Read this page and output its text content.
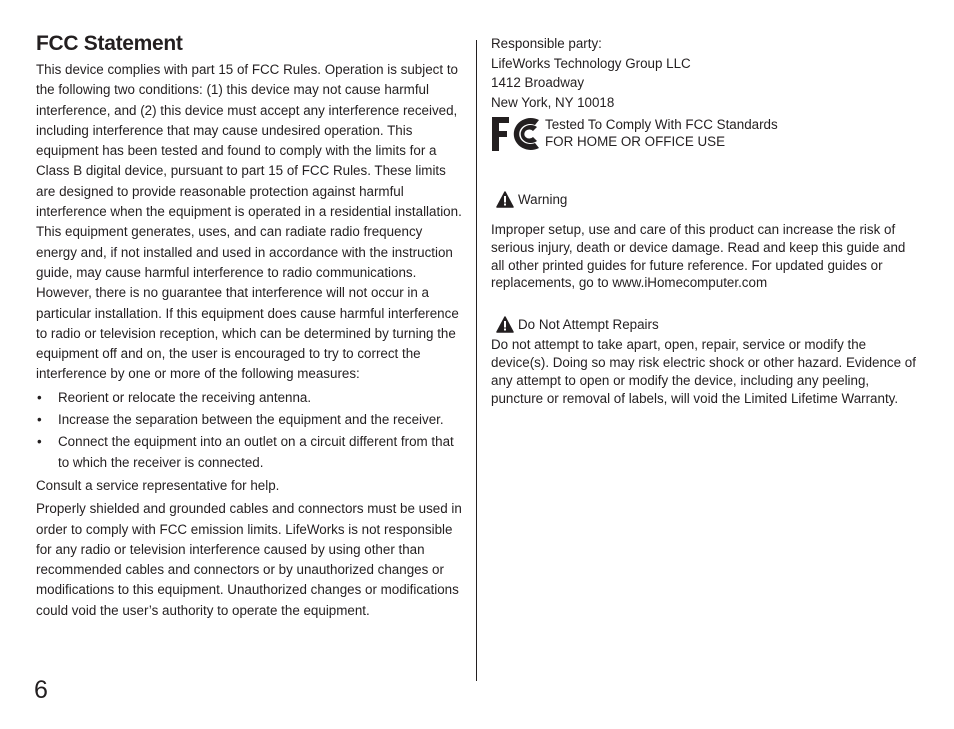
FCC Statement

This device complies with part 15 of FCC Rules. Operation is subject to the following two conditions: (1) this device may not cause harmful interference, and (2) this device must accept any interference received, including interference that may cause undesired operation. This equipment has been tested and found to comply with the limits for a Class B digital device, pursuant to part 15 of FCC Rules. These limits are designed to provide reasonable protection against harmful interference when the equipment is operated in a residential installation. This equipment generates, uses, and can radiate radio frequency energy and, if not installed and used in accordance with the instruction guide, may cause harmful interference to radio communications. However, there is no guarantee that interference will not occur in a particular installation. If this equipment does cause harmful interference to radio or television reception, which can be determined by turning the equipment off and on, the user is encouraged to try to correct the interference by one or more of the following measures:

• Reorient or relocate the receiving antenna.
• Increase the separation between the equipment and the receiver.
• Connect the equipment into an outlet on a circuit different from that to which the receiver is connected.

Consult a service representative for help.

Properly shielded and grounded cables and connectors must be used in order to comply with FCC emission limits. LifeWorks is not responsible for any radio or television interference caused by using other than recommended cables and connectors or by unauthorized changes or modifications to this equipment. Unauthorized changes or modifications could void the user’s authority to operate the equipment.

Responsible party:

LifeWorks Technology Group LLC

1412 Broadway

New York, NY 10018

Tested To Comply With FCC Standards
FOR HOME OR OFFICE USE
Warning

Improper setup, use and care of this product can increase the risk of serious injury, death or device damage. Read and keep this guide and all other printed guides for future reference. For updated guides or replacements, go to www.iHomecomputer.com

Do Not Attempt Repairs

Do not attempt to take apart, open, repair, service or modify the device(s). Doing so may risk electric shock or other hazard. Evidence of any attempt to open or modify the device, including any peeling, puncture or removal of labels, will void the Limited Lifetime Warranty.

6
